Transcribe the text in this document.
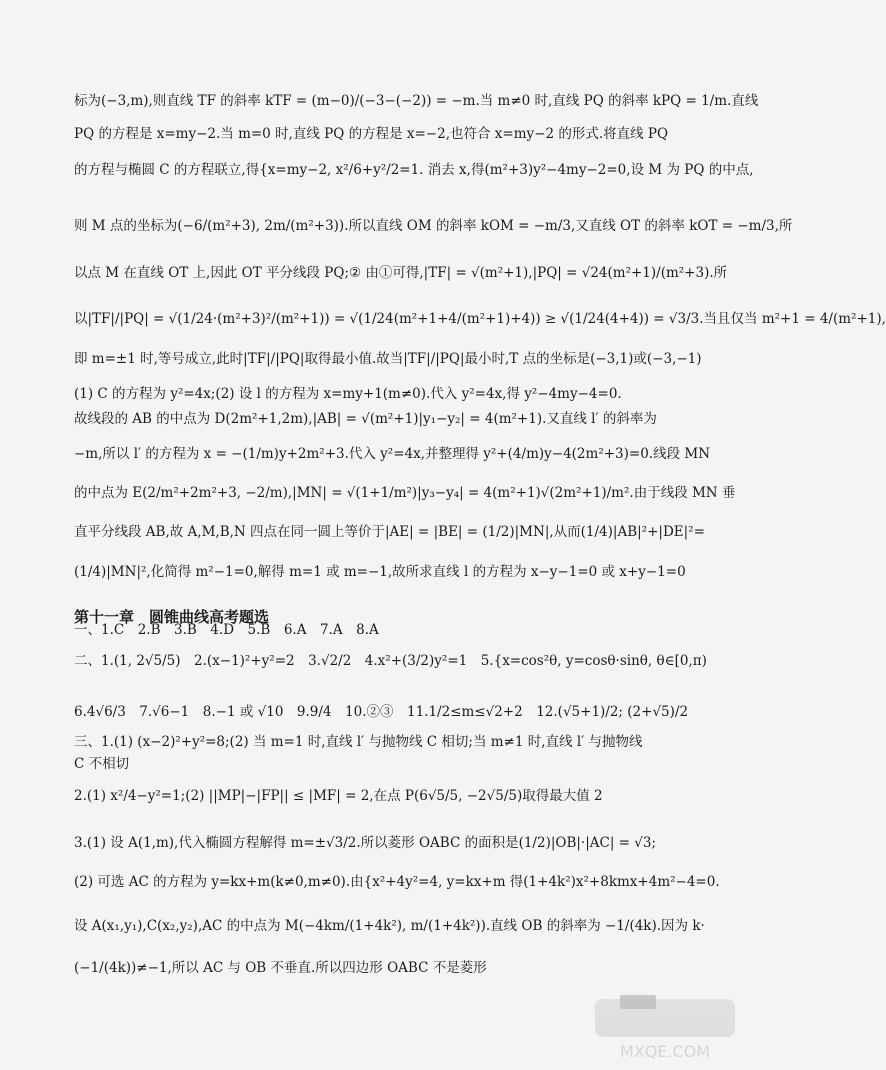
标为(−3,m),则直线 TF 的斜率 kTF = (m−0)/(−3−(−2)) = −m.当 m≠0 时,直线 PQ 的斜率 kPQ = 1/m.直线
PQ 的方程是 x=my−2.当 m=0 时,直线 PQ 的方程是 x=−2,也符合 x=my−2 的形式.将直线 PQ
的方程与椭圆 C 的方程联立,得{x=my−2, x²/6+y²/2=1. 消去 x,得(m²+3)y²−4my−2=0,设 M 为 PQ 的中点,
则 M 点的坐标为(−6/(m²+3), 2m/(m²+3)).所以直线 OM 的斜率 kOM = −m/3,又直线 OT 的斜率 kOT = −m/3,所
以点 M 在直线 OT 上,因此 OT 平分线段 PQ;② 由①可得,|TF| = √(m²+1),|PQ| = √24(m²+1)/(m²+3).所
以|TF|/|PQ| = √(1/24·(m²+3)²/(m²+1)) = √(1/24(m²+1+4/(m²+1)+4)) ≥ √(1/24(4+4)) = √3/3.当且仅当 m²+1 = 4/(m²+1),
即 m=±1 时,等号成立,此时|TF|/|PQ|取得最小值.故当|TF|/|PQ|最小时,T 点的坐标是(−3,1)或(−3,−1)
(1) C 的方程为 y²=4x;(2) 设 l 的方程为 x=my+1(m≠0).代入 y²=4x,得 y²−4my−4=0.
故线段的 AB 的中点为 D(2m²+1,2m),|AB| = √(m²+1)|y₁−y₂| = 4(m²+1).又直线 l′ 的斜率为
−m,所以 l′ 的方程为 x = −(1/m)y+2m²+3.代入 y²=4x,并整理得 y²+(4/m)y−4(2m²+3)=0.线段 MN
的中点为 E(2/m²+2m²+3, −2/m),|MN| = √(1+1/m²)|y₃−y₄| = 4(m²+1)√(2m²+1)/m².由于线段 MN 垂
直平分线段 AB,故 A,M,B,N 四点在同一圆上等价于|AE| = |BE| = (1/2)|MN|,从而(1/4)|AB|²+|DE|²=
(1/4)|MN|²,化简得 m²−1=0,解得 m=1 或 m=−1,故所求直线 l 的方程为 x−y−1=0 或 x+y−1=0
第十一章　圆锥曲线高考题选
一、1.C　2.B　3.B　4.D　5.B　6.A　7.A　8.A
二、1.(1, 2√5/5)　2.(x−1)²+y²=2　3.√2/2　4.x²+(3/2)y²=1　5.{x=cos²θ, y=cosθ·sinθ, θ∈[0,π)
6.4√6/3　7.√6−1　8.−1 或 √10　9.9/4　10.②③　11.1/2≤m≤√2+2　12.(√5+1)/2; (2+√5)/2
三、1.(1) (x−2)²+y²=8;(2) 当 m=1 时,直线 l′ 与抛物线 C 相切;当 m≠1 时,直线 l′ 与抛物线
C 不相切
2.(1) x²/4−y²=1;(2) ||MP|−|FP|| ≤ |MF| = 2,在点 P(6√5/5, −2√5/5)取得最大值 2
3.(1) 设 A(1,m),代入椭圆方程解得 m=±√3/2.所以菱形 OABC 的面积是(1/2)|OB|·|AC| = √3;
(2) 可选 AC 的方程为 y=kx+m(k≠0,m≠0).由{x²+4y²=4, y=kx+m 得(1+4k²)x²+8kmx+4m²−4=0.
设 A(x₁,y₁),C(x₂,y₂),AC 的中点为 M(−4km/(1+4k²), m/(1+4k²)).直线 OB 的斜率为 −1/(4k).因为 k·
(−1/(4k))≠−1,所以 AC 与 OB 不垂直.所以四边形 OABC 不是菱形
MXQE.COM
